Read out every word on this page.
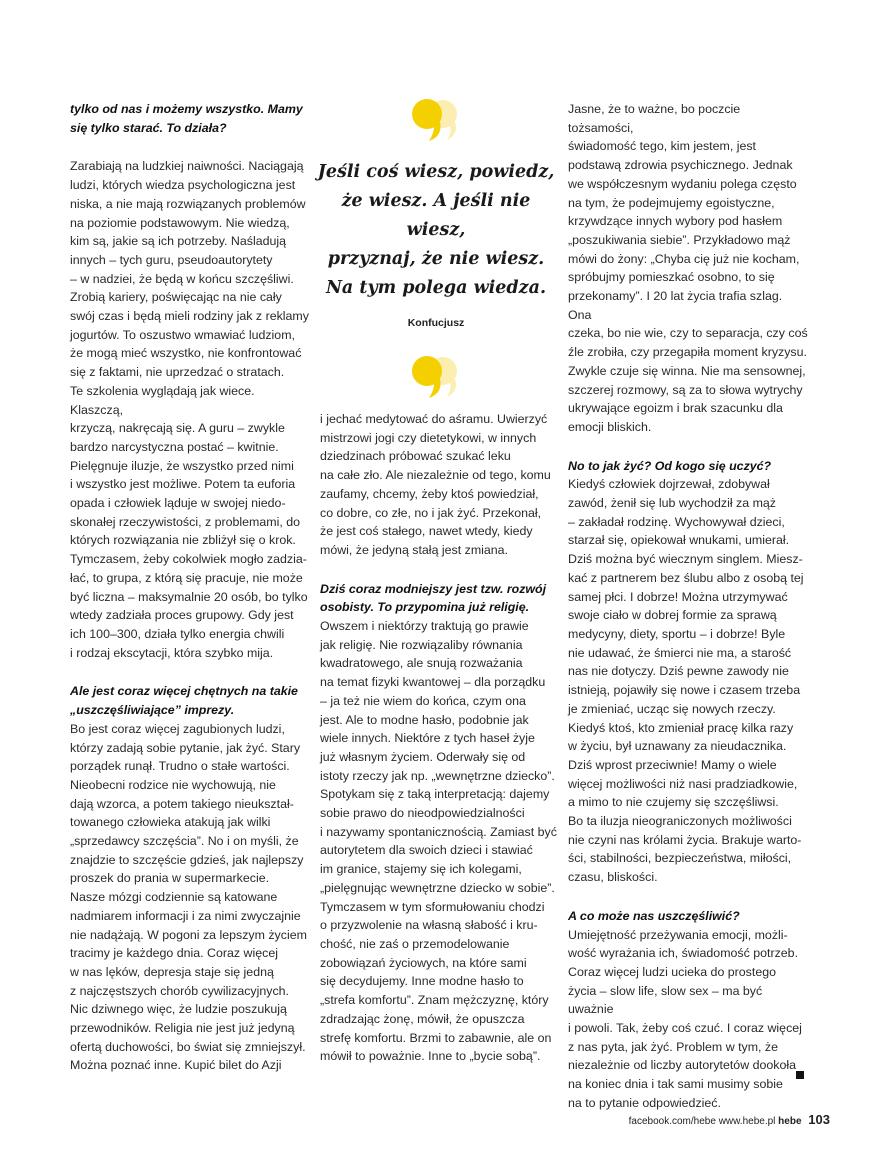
tylko od nas i możemy wszystko. Mamy
się tylko starać. To działa?

Zarabiają na ludzkiej naiwności. Naciągają
ludzi, których wiedza psychologiczna jest
niska, a nie mają rozwiązanych problemów
na poziomie podstawowym. Nie wiedzą,
kim są, jakie są ich potrzeby. Naśladują
innych – tych guru, pseudoautorytety
– w nadziei, że będą w końcu szczęśliwi.
Zrobią kariery, poświęcając na nie cały
swój czas i będą mieli rodziny jak z reklamy
jogurtów. To oszustwo wmawiać ludziom,
że mogą mieć wszystko, nie konfrontować
się z faktami, nie uprzedzać o stratach.
Te szkolenia wyglądają jak wiece. Klaszczą,
krzyczą, nakręcają się. A guru – zwykle
bardzo narcystyczna postać – kwitnie.
Pielęgnuje iluzje, że wszystko przed nimi
i wszystko jest możliwe. Potem ta euforia
opada i człowiek ląduje w swojej niedo-
skonałej rzeczywistości, z problemami, do
których rozwiązania nie zbliżył się o krok.
Tymczasem, żeby cokolwiek mogło zadzia-
łać, to grupa, z którą się pracuje, nie może
być liczna – maksymalnie 20 osób, bo tylko
wtedy zadziała proces grupowy. Gdy jest
ich 100–300, działa tylko energia chwili
i rodzaj ekscytacji, która szybko mija.

Ale jest coraz więcej chętnych na takie
„uszczęśliwiające” imprezy.

Bo jest coraz więcej zagubionych ludzi,
którzy zadają sobie pytanie, jak żyć. Stary
porządek runął. Trudno o stałe wartości.
Nieobecni rodzice nie wychowują, nie
dają wzorca, a potem takiego nieukształ-
towanego człowieka atakują jak wilki
„sprzedawcy szczęścia”. No i on myśli, że
znajdzie to szczęście gdzieś, jak najlepszy
proszek do prania w supermarkecie.
Nasze mózgi codziennie są katowane
nadmiarem informacji i za nimi zwyczajnie
nie nadążają. W pogoni za lepszym życiem
tracimy je każdego dnia. Coraz więcej
w nas lęków, depresja staje się jedną
z najczęstszych chorób cywilizacyjnych.
Nic dziwnego więc, że ludzie poszukują
przewodników. Religia nie jest już jedyną
ofertą duchowości, bo świat się zmniejszył.
Można poznać inne. Kupić bilet do Azji

Jeśli coś wiesz, powiedz,
że wiesz. A jeśli nie wiesz,
przyznaj, że nie wiesz.
Na tym polega wiedza.
Konfucjusz

i jechać medytować do aśramu. Uwierzyć
mistrzowi jogi czy dietetykowi, w innych
dziedzinach próbować szukać leku
na całe zło. Ale niezależnie od tego, komu
zaufamy, chcemy, żeby ktoś powiedział,
co dobre, co złe, no i jak żyć. Przekonał,
że jest coś stałego, nawet wtedy, kiedy
mówi, że jedyną stałą jest zmiana.

Dziś coraz modniejszy jest tzw. rozwój
osobisty. To przypomina już religię.

Owszem i niektórzy traktują go prawie
jak religię. Nie rozwiązaliby równania
kwadratowego, ale snują rozważania
na temat fizyki kwantowej – dla porządku
– ja też nie wiem do końca, czym ona
jest. Ale to modne hasło, podobnie jak
wiele innych. Niektóre z tych haseł żyje
już własnym życiem. Oderwały się od
istoty rzeczy jak np. „wewnętrzne dziecko”.
Spotykam się z taką interpretacją: dajemy
sobie prawo do nieodpowiedzialności
i nazywamy spontanicznością. Zamiast być
autorytetem dla swoich dzieci i stawiać
im granice, stajemy się ich kolegami,
„pielęgnując wewnętrzne dziecko w sobie”.
Tymczasem w tym sformułowaniu chodzi
o przyzwolenie na własną słabość i kru-
chość, nie zaś o przemodelowanie
zobowiązań życiowych, na które sami
się decydujemy. Inne modne hasło to
„strefa komfortu”. Znam mężczyznę, który
zdradzając żonę, mówił, że opuszcza
strefę komfortu. Brzmi to zabawnie, ale on
mówił to poważnie. Inne to „bycie sobą”.

Jasne, że to ważne, bo poczcie tożsamości,
świadomość tego, kim jestem, jest
podstawą zdrowia psychicznego. Jednak
we współczesnym wydaniu polega często
na tym, że podejmujemy egoistyczne,
krzywdzące innych wybory pod hasłem
„poszukiwania siebie”. Przykładowo mąż
mówi do żony: „Chyba cię już nie kocham,
spróbujmy pomieszkać osobno, to się
przekonamy”. I 20 lat życia trafia szlag. Ona
czeka, bo nie wie, czy to separacja, czy coś
źle zrobiła, czy przegapiła moment kryzysu.
Zwykle czuje się winna. Nie ma sensownej,
szczerej rozmowy, są za to słowa wytrychy
ukrywające egoizm i brak szacunku dla
emocji bliskich.

No to jak żyć? Od kogo się uczyć?

Kiedyś człowiek dojrzewał, zdobywał
zawód, żenił się lub wychodził za mąż
– zakładał rodzinę. Wychowywał dzieci,
starzał się, opiekował wnukami, umierał.
Dziś można być wiecznym singlem. Miesz-
kać z partnerem bez ślubu albo z osobą tej
samej płci. I dobrze! Można utrzymywać
swoje ciało w dobrej formie za sprawą
medycyny, diety, sportu – i dobrze! Byle
nie udawać, że śmierci nie ma, a starość
nas nie dotyczy. Dziś pewne zawody nie
istnieją, pojawiły się nowe i czasem trzeba
je zmieniać, ucząc się nowych rzeczy.
Kiedyś ktoś, kto zmieniał pracę kilka razy
w życiu, był uznawany za nieudacznika.
Dziś wprost przeciwnie! Mamy o wiele
więcej możliwości niż nasi pradziadkowie,
a mimo to nie czujemy się szczęśliwsi.
Bo ta iluzja nieograniczonych możliwości
nie czyni nas królami życia. Brakuje warto-
ści, stabilności, bezpieczeństwa, miłości,
czasu, bliskości.

A co może nas uszczęśliwić?

Umiejętność przeżywania emocji, możli-
wość wyrażania ich, świadomość potrzeb.
Coraz więcej ludzi ucieka do prostego
życia – slow life, slow sex – ma być uważnie
i powoli. Tak, żeby coś czuć. I coraz więcej
z nas pyta, jak żyć. Problem w tym, że
niezależnie od liczby autorytetów dookoła
na koniec dnia i tak sami musimy sobie
na to pytanie odpowiedzieć.

facebook.com/hebe www.hebe.pl hebe 103
